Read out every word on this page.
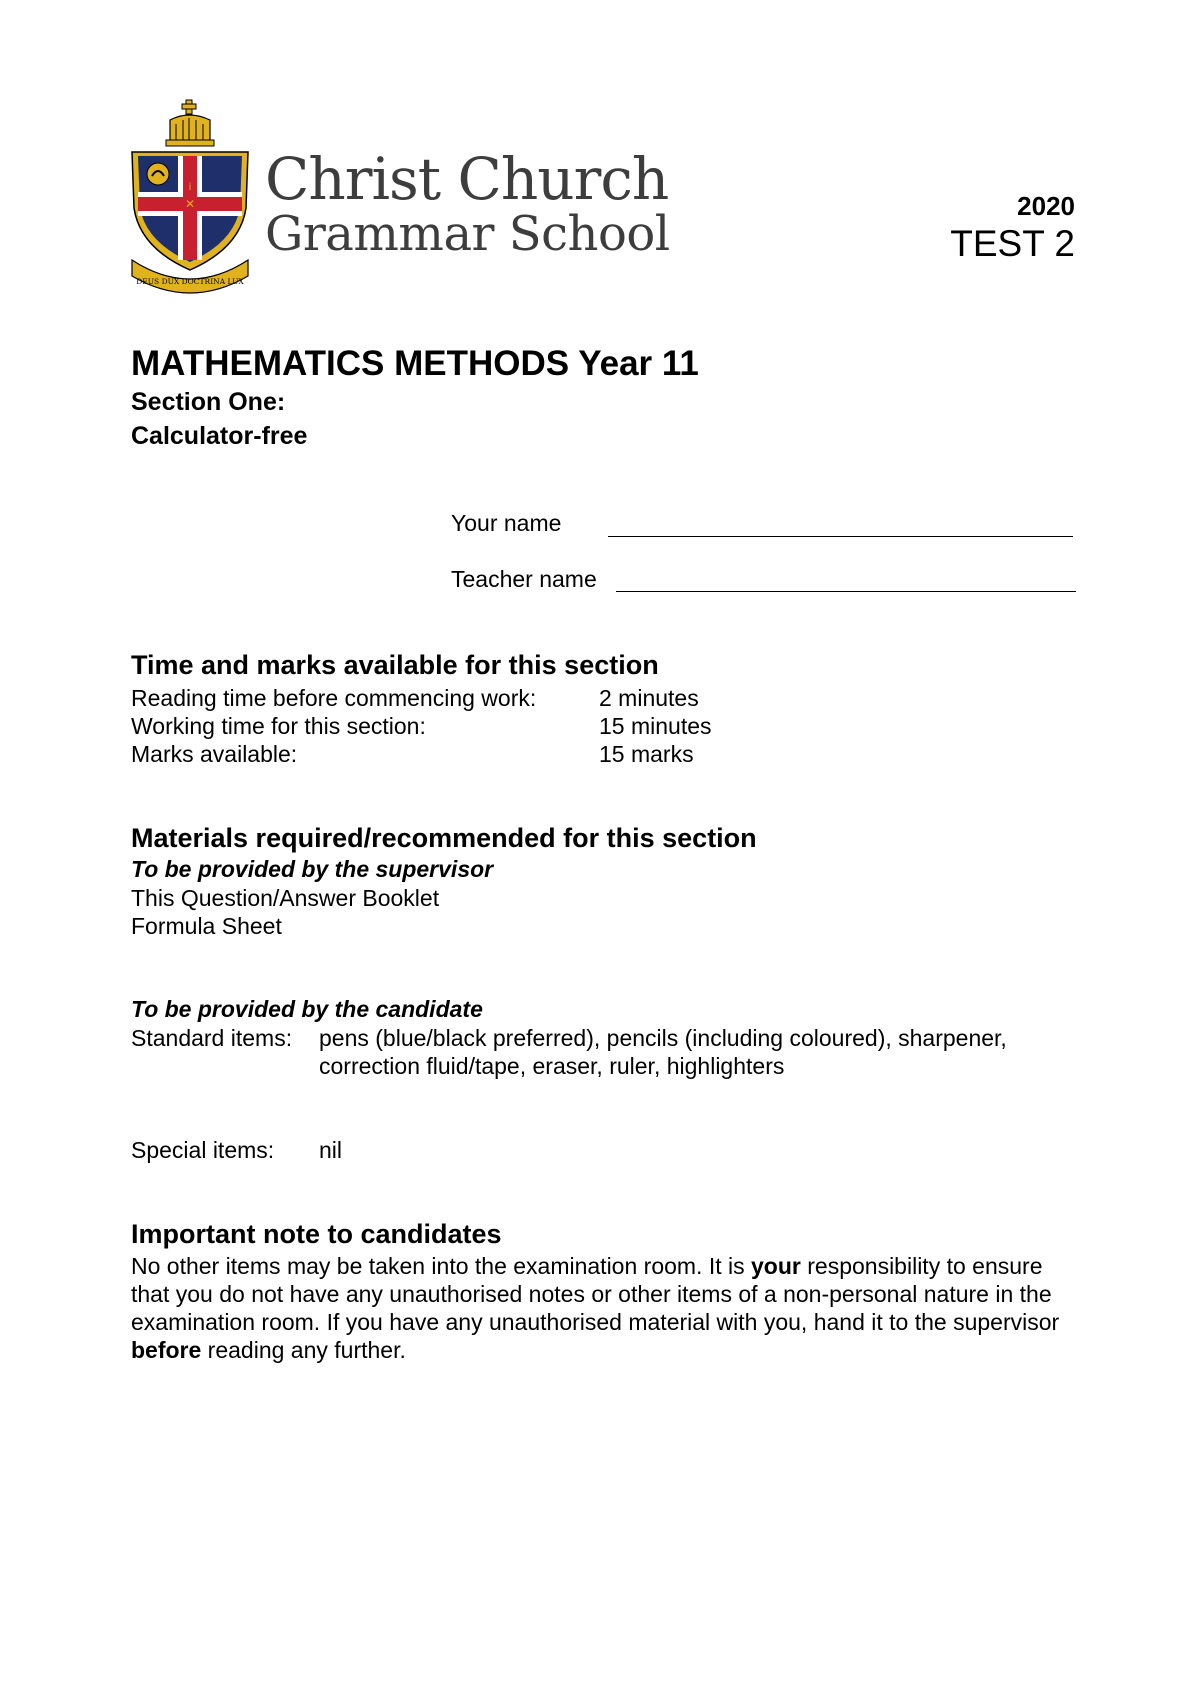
i
✕
DEUS DUX DOCTRINA LUX
Christ Church
Grammar School	2020
TEST 2
MATHEMATICS METHODS Year 11
Section One:
Calculator-free
Your name
Teacher name
Time and marks available for this section
Reading time before commencing work:	2 minutes
Working time for this section:	15 minutes
Marks available:	15 marks
Materials required/recommended for this section
To be provided by the supervisor
This Question/Answer Booklet
Formula Sheet
To be provided by the candidate
Standard items: pens (blue/black preferred), pencils (including coloured), sharpener,
correction fluid/tape, eraser, ruler, highlighters
Special items: nil
Important note to candidates
No other items may be taken into the examination room. It is your responsibility to ensure that you do not have any unauthorised notes or other items of a non-personal nature in the examination room. If you have any unauthorised material with you, hand it to the supervisor before reading any further.
